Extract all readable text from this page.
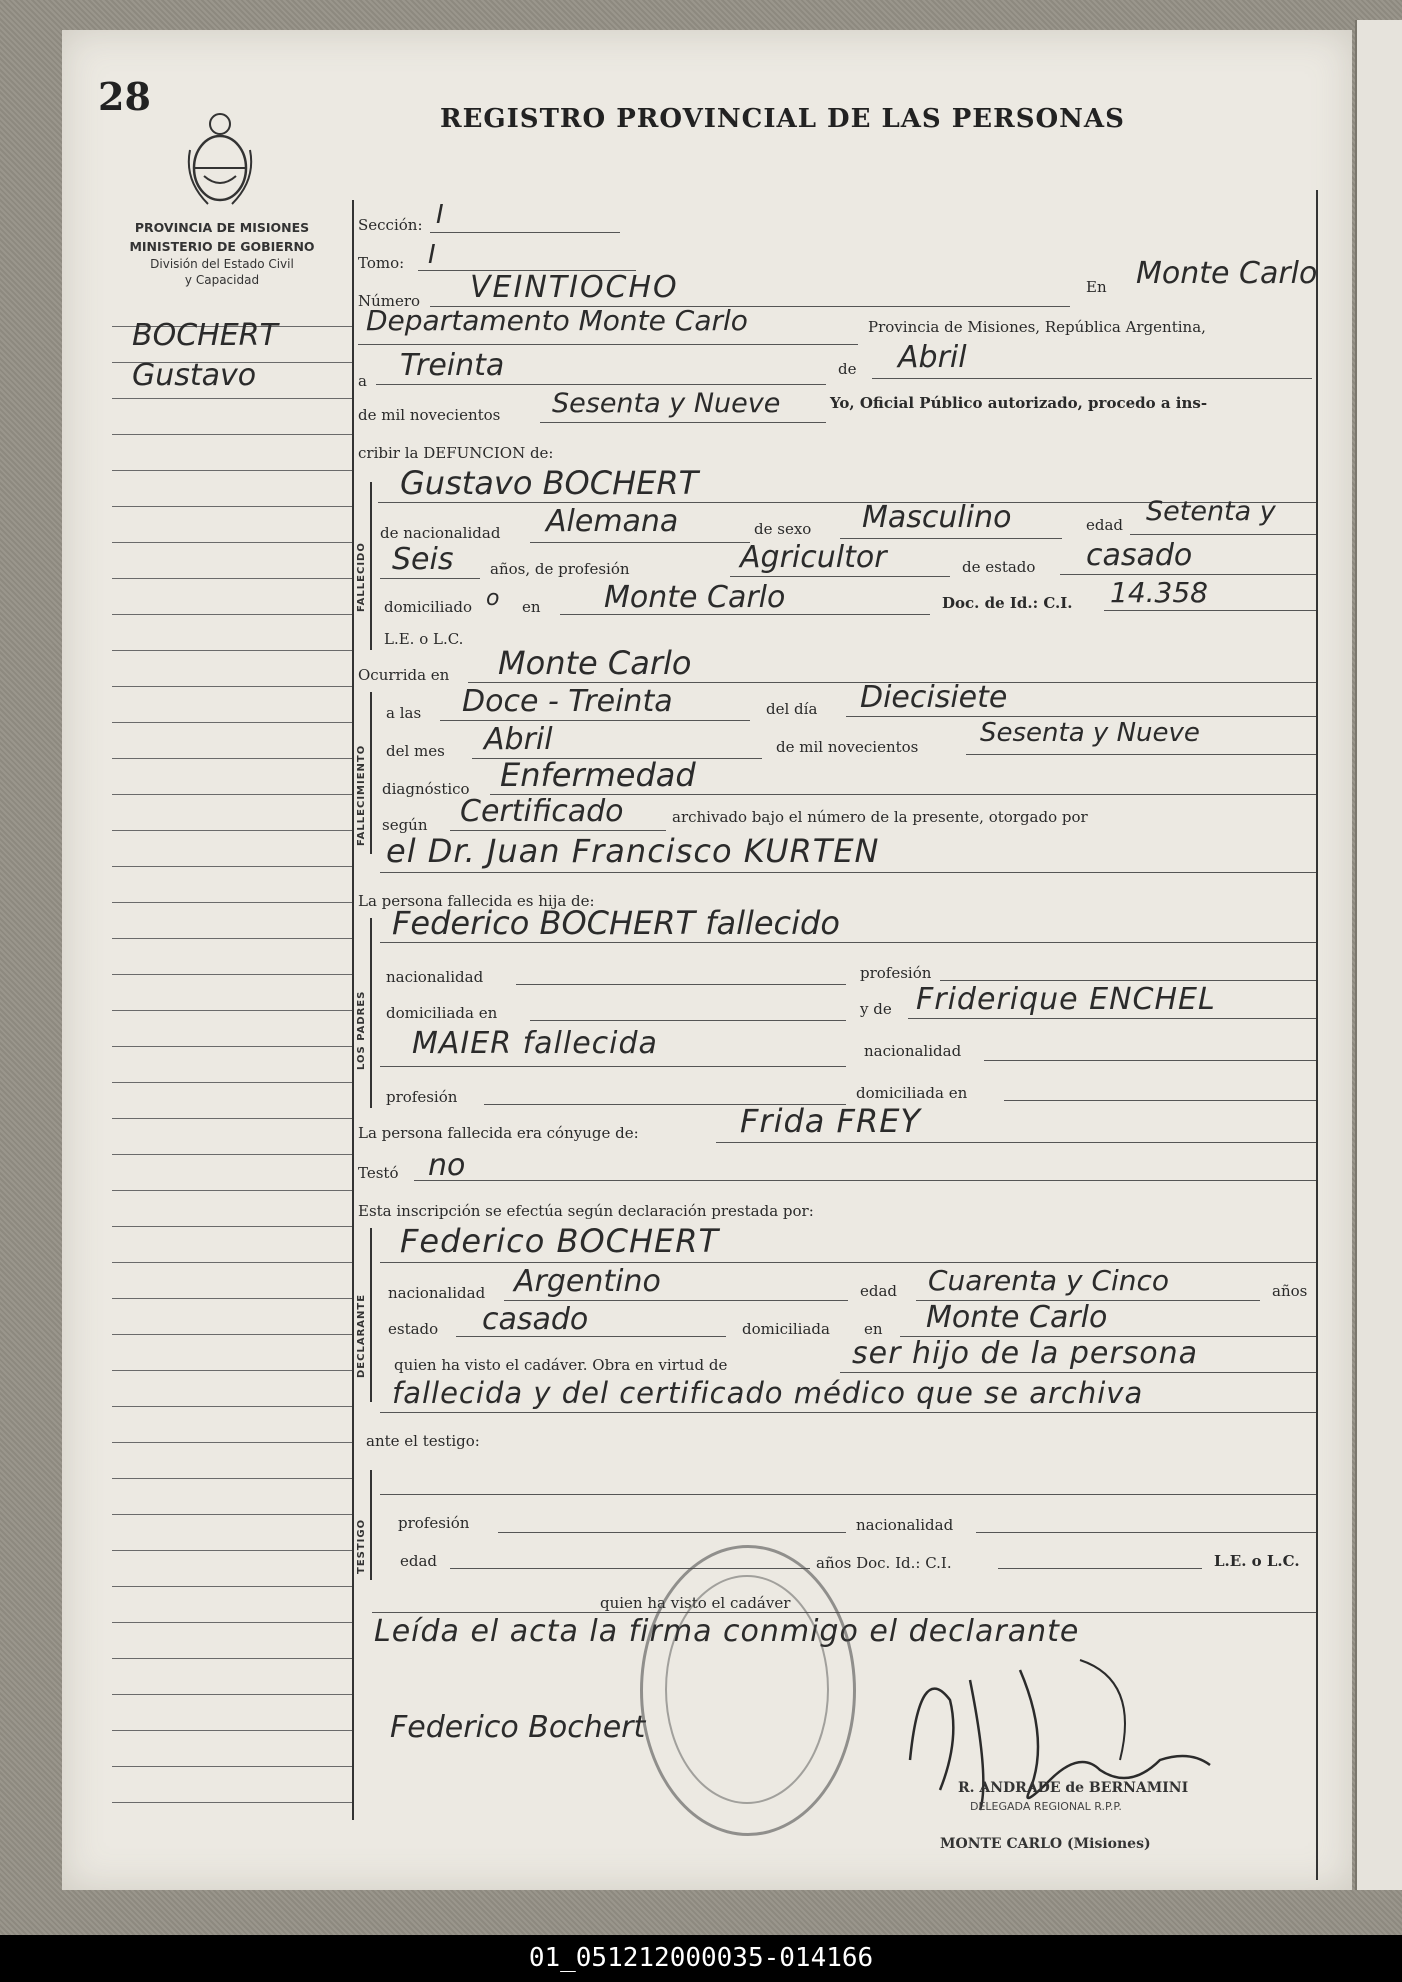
28	REGISTRO PROVINCIAL DE LAS PERSONAS
PROVINCIA DE MISIONES
MINISTERIO DE GOBIERNO
División del Estado Civil
y Capacidad
BOCHERT
Gustavo
Sección: I
Tomo: I
Número VEINTIOCHO	En Monte Carlo
Departamento Monte Carlo	Provincia de Misiones, República Argentina,
a Treinta	de Abril
de mil novecientos Sesenta y Nueve	Yo, Oficial Público autorizado, procedo a ins-
cribir la DEFUNCION de:
FALLECIDO
Gustavo BOCHERT
de nacionalidad Alemana	de sexo Masculino	edad Setenta y
Seis años, de profesión	Agricultor	de estado casado
domiciliado o en Monte Carlo	Doc. de Id.: C.I. 14.358
L.E. o L.C.
Ocurrida en Monte Carlo
FALLECIMIENTO
a las Doce - Treinta	del día Diecisiete
del mes Abril	de mil novecientos Sesenta y Nueve
diagnóstico Enfermedad
según Certificado	archivado bajo el número de la presente, otorgado por
el Dr. Juan Francisco KURTEN
La persona fallecida es hija de:
LOS PADRES
Federico BOCHERT fallecido
nacionalidad	profesión
domiciliada en	y de Friderique ENCHEL
MAIER fallecida	nacionalidad
profesión	domiciliada en
La persona fallecida era cónyuge de:	Frida FREY
Testó no
Esta inscripción se efectúa según declaración prestada por:
DECLARANTE
Federico BOCHERT
nacionalidad Argentino	edad Cuarenta y Cinco	años
estado casado	domiciliada en Monte Carlo
quien ha visto el cadáver. Obra en virtud de	ser hijo de la persona
fallecida y del certificado médico que se archiva
ante el testigo:
TESTIGO profesión	nacionalidad
edad	años Doc. Id.: C.I.	L.E. o L.C.
quien ha visto el cadáver
Leída el acta la firma conmigo el declarante
Federico Bochert
R. ANDRADE de BERNAMINI
DELEGADA REGIONAL R.P.P.
MONTE CARLO (Misiones)
01_051212000035-014166
